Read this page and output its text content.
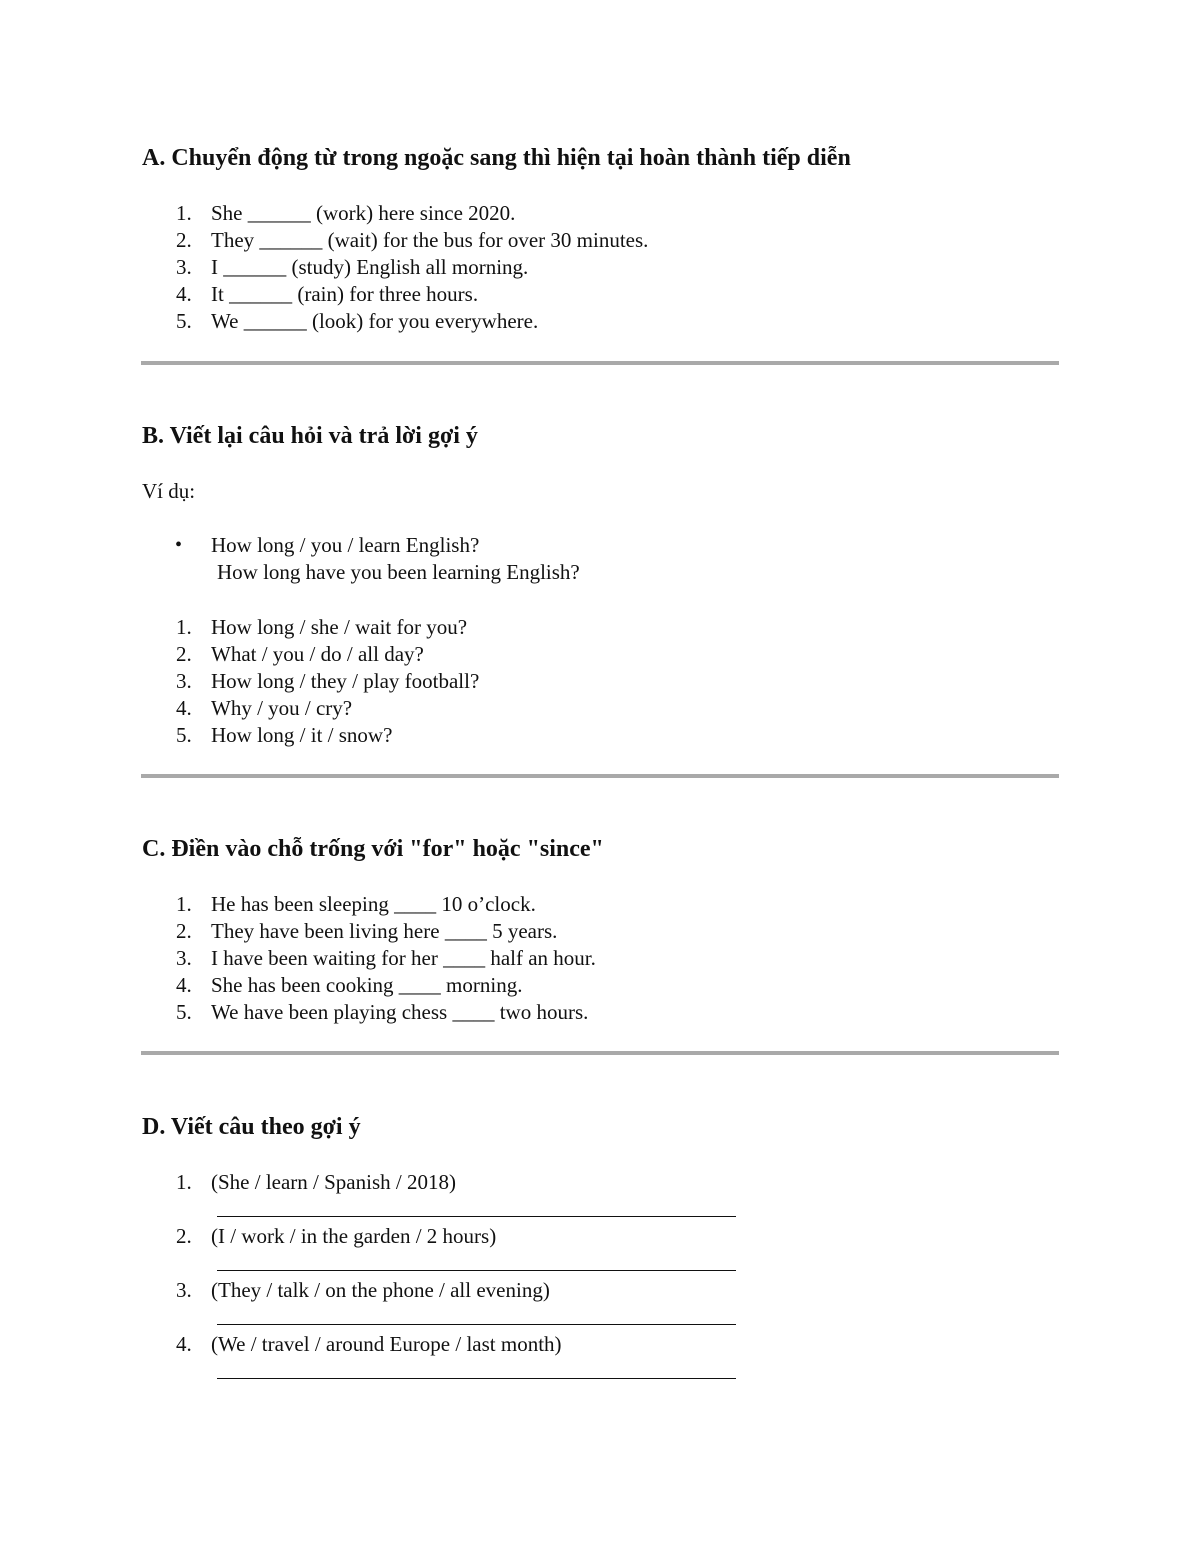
A. Chuyển động từ trong ngoặc sang thì hiện tại hoàn thành tiếp diễn
1. She ______ (work) here since 2020.
2. They ______ (wait) for the bus for over 30 minutes.
3. I ______ (study) English all morning.
4. It ______ (rain) for three hours.
5. We ______ (look) for you everywhere.
B. Viết lại câu hỏi và trả lời gợi ý

Ví dụ:

• How long / you / learn English?
How long have you been learning English?
1. How long / she / wait for you?
2. What / you / do / all day?
3. How long / they / play football?
4. Why / you / cry?
5. How long / it / snow?
C. Điền vào chỗ trống với "for" hoặc "since"
1. He has been sleeping ____ 10 o’clock.
2. They have been living here ____ 5 years.
3. I have been waiting for her ____ half an hour.
4. She has been cooking ____ morning.
5. We have been playing chess ____ two hours.
D. Viết câu theo gợi ý
1. (She / learn / Spanish / 2018)
2. (I / work / in the garden / 2 hours)
3. (They / talk / on the phone / all evening)
4. (We / travel / around Europe / last month)
